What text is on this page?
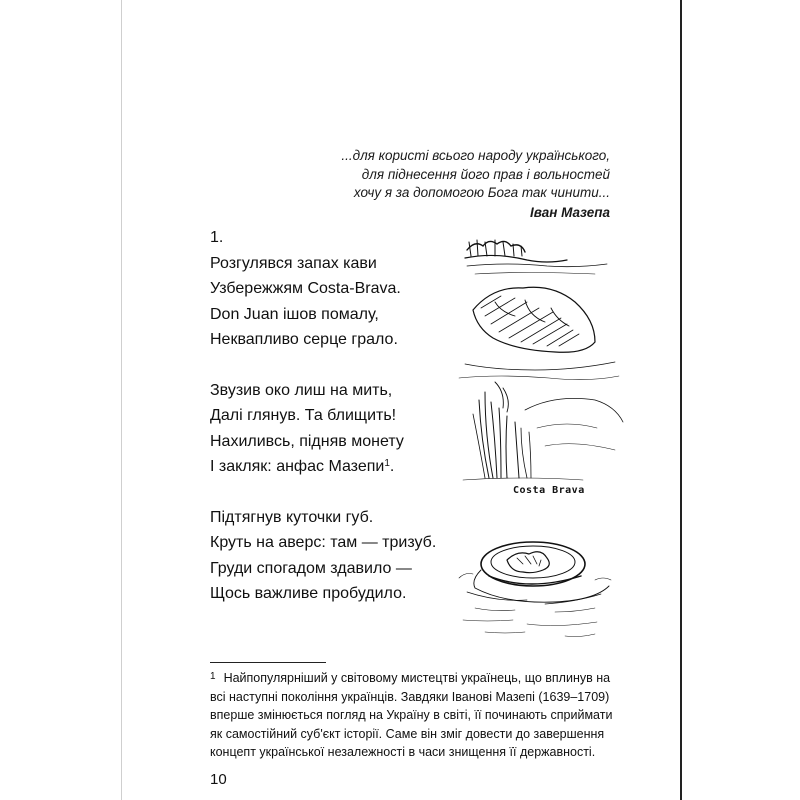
...для користі всього народу українського,
для піднесення його прав і вольностей
хочу я за допомогою Бога так чинити...
Іван Мазепа
1.
Розгулявся запах кави
Узбережжям Costa-Brava.
Don Juan ішов помалу,
Неквапливо серце грало.
Звузив око лиш на мить,
Далі глянув. Та блищить!
Нахиливсь, підняв монету
І закляк: анфас Мазепи$^1$.
Підтягнув куточки губ.
Круть на аверс: там — тризуб.
Груди спогадом здавило —
Щось важливе пробудило.
Costa Brava
$^1$ Найпопулярніший у світовому мистецтві українець, що вплинув на
всі наступні покоління українців. Завдяки Іванові Мазепі (1639–1709)
вперше змінюється погляд на Україну в світі, її починають сприймати
як самостійний суб'єкт історії. Саме він зміг довести до завершення
концепт української незалежності в часи знищення її державності.
10
